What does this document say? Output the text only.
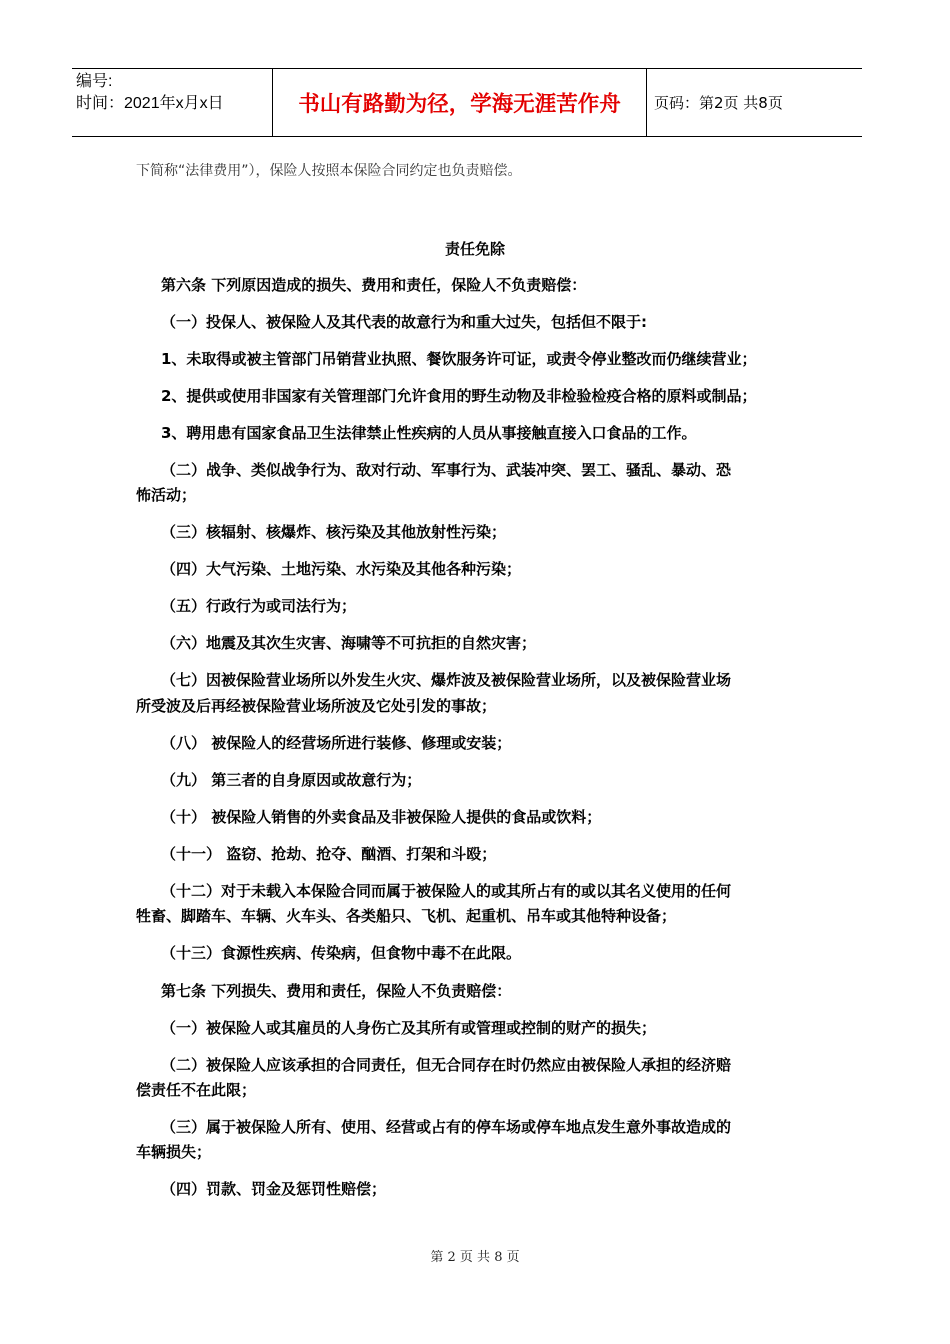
编号:
时间：2021年x月x日	书山有路勤为径，学海无涯苦作舟	页码：第2页 共8页
下简称“法律费用”），保险人按照本保险合同约定也负责赔偿。
责任免除
第六条 下列原因造成的损失、费用和责任，保险人不负责赔偿：
（一）投保人、被保险人及其代表的故意行为和重大过失，包括但不限于:
1、未取得或被主管部门吊销营业执照、餐饮服务许可证，或责令停业整改而仍继续营业；
2、提供或使用非国家有关管理部门允许食用的野生动物及非检验检疫合格的原料或制品；
3、聘用患有国家食品卫生法律禁止性疾病的人员从事接触直接入口食品的工作。
（二）战争、类似战争行为、敌对行动、军事行为、武装冲突、罢工、骚乱、暴动、恐
怖活动；
（三）核辐射、核爆炸、核污染及其他放射性污染；
（四）大气污染、土地污染、水污染及其他各种污染；
（五）行政行为或司法行为；
（六）地震及其次生灾害、海啸等不可抗拒的自然灾害；
（七）因被保险营业场所以外发生火灾、爆炸波及被保险营业场所，以及被保险营业场
所受波及后再经被保险营业场所波及它处引发的事故；
（八） 被保险人的经营场所进行装修、修理或安装；
（九） 第三者的自身原因或故意行为；
（十） 被保险人销售的外卖食品及非被保险人提供的食品或饮料；
（十一） 盗窃、抢劫、抢夺、酗酒、打架和斗殴；
（十二）对于未载入本保险合同而属于被保险人的或其所占有的或以其名义使用的任何
牲畜、脚踏车、车辆、火车头、各类船只、飞机、起重机、吊车或其他特种设备；
（十三）食源性疾病、传染病，但食物中毒不在此限。
第七条 下列损失、费用和责任，保险人不负责赔偿：
（一）被保险人或其雇员的人身伤亡及其所有或管理或控制的财产的损失；
（二）被保险人应该承担的合同责任，但无合同存在时仍然应由被保险人承担的经济赔
偿责任不在此限；
（三）属于被保险人所有、使用、经营或占有的停车场或停车地点发生意外事故造成的
车辆损失；
（四）罚款、罚金及惩罚性赔偿；
第 2 页 共 8 页
